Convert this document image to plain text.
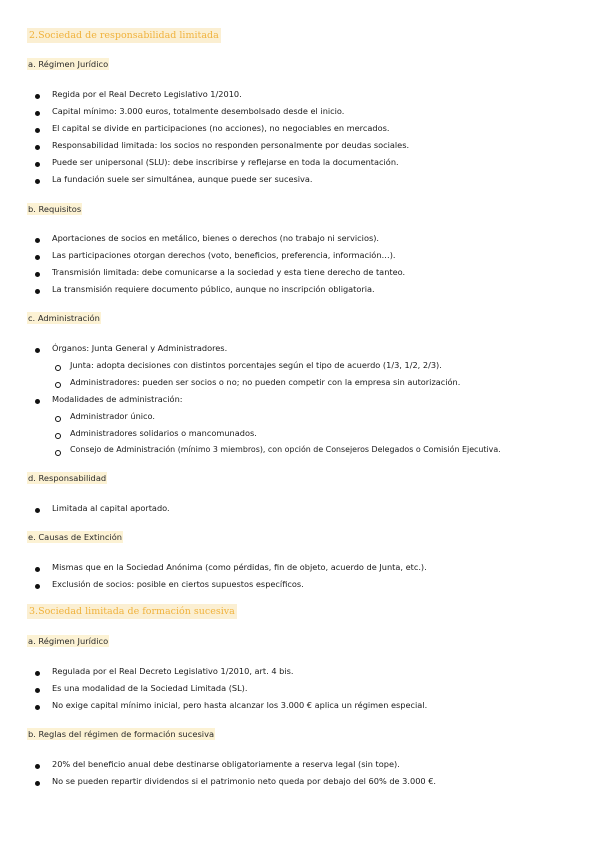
2.Sociedad de responsabilidad limitada
a. Régimen Jurídico
Regida por el Real Decreto Legislativo 1/2010.
Capital mínimo: 3.000 euros, totalmente desembolsado desde el inicio.
El capital se divide en participaciones (no acciones), no negociables en mercados.
Responsabilidad limitada: los socios no responden personalmente por deudas sociales.
Puede ser unipersonal (SLU): debe inscribirse y reflejarse en toda la documentación.
La fundación suele ser simultánea, aunque puede ser sucesiva.
b. Requisitos
Aportaciones de socios en metálico, bienes o derechos (no trabajo ni servicios).
Las participaciones otorgan derechos (voto, beneficios, preferencia, información…).
Transmisión limitada: debe comunicarse a la sociedad y esta tiene derecho de tanteo.
La transmisión requiere documento público, aunque no inscripción obligatoria.
c. Administración
Órganos: Junta General y Administradores.
Junta: adopta decisiones con distintos porcentajes según el tipo de acuerdo (1/3, 1/2, 2/3).
Administradores: pueden ser socios o no; no pueden competir con la empresa sin autorización.
Modalidades de administración:
Administrador único.
Administradores solidarios o mancomunados.
Consejo de Administración (mínimo 3 miembros), con opción de Consejeros Delegados o Comisión Ejecutiva.
d. Responsabilidad
Limitada al capital aportado.
e. Causas de Extinción
Mismas que en la Sociedad Anónima (como pérdidas, fin de objeto, acuerdo de Junta, etc.).
Exclusión de socios: posible en ciertos supuestos específicos.
3.Sociedad limitada de formación sucesiva
a. Régimen Jurídico
Regulada por el Real Decreto Legislativo 1/2010, art. 4 bis.
Es una modalidad de la Sociedad Limitada (SL).
No exige capital mínimo inicial, pero hasta alcanzar los 3.000 € aplica un régimen especial.
b. Reglas del régimen de formación sucesiva
20% del beneficio anual debe destinarse obligatoriamente a reserva legal (sin tope).
No se pueden repartir dividendos si el patrimonio neto queda por debajo del 60% de 3.000 €.
